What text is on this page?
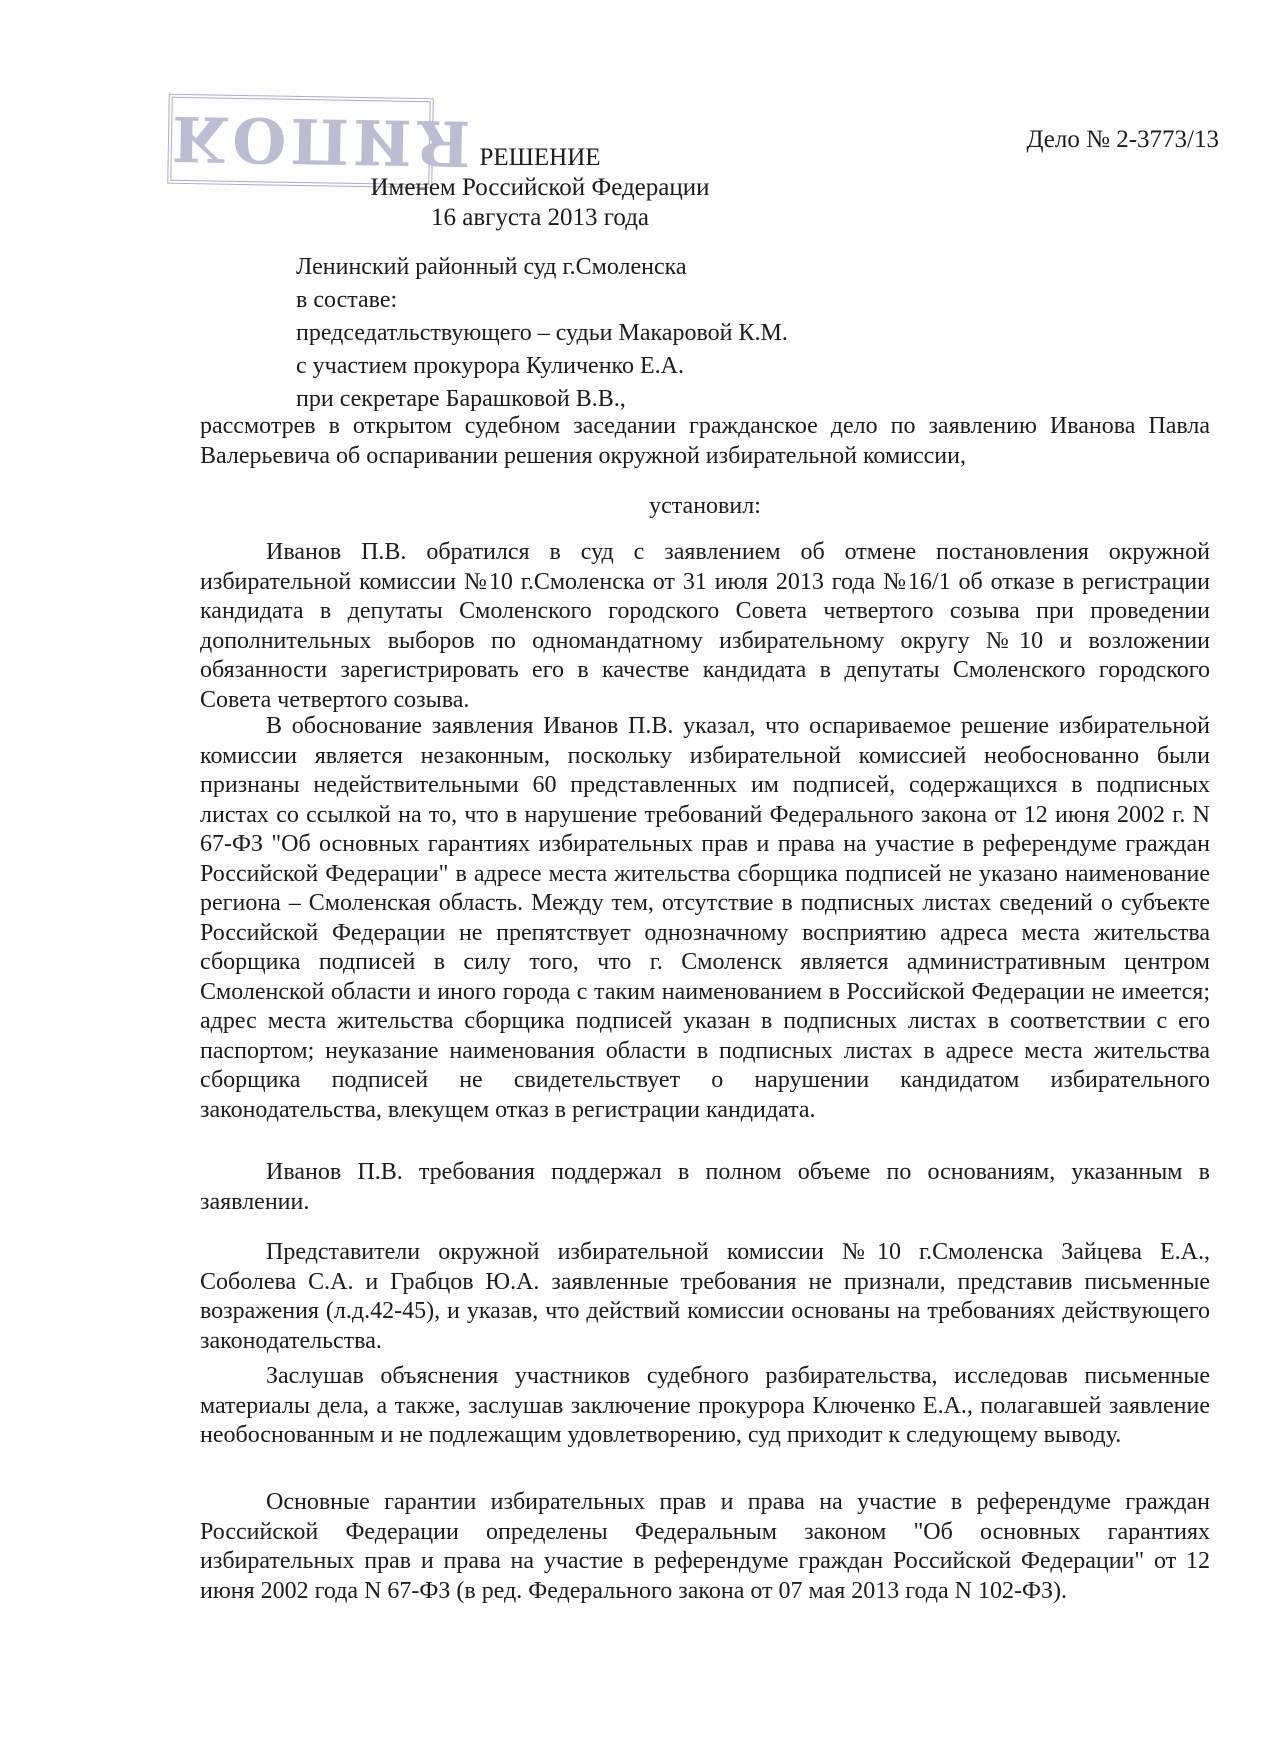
КОПИЯ	Дело № 2-3773/13
РЕШЕНИЕ
Именем Российской Федерации
16 августа 2013 года
Ленинский районный суд г.Смоленска
в составе:
председатльствующего – судьи Макаровой К.М.
с участием прокурора Куличенко Е.А.
при секретаре Барашковой В.В.,

рассмотрев в открытом судебном заседании гражданское дело по заявлению Иванова Павла Валерьевича об оспаривании решения окружной избирательной комиссии,

установил:

Иванов П.В. обратился в суд с заявлением об отмене постановления окружной избирательной комиссии №10 г.Смоленска от 31 июля 2013 года №16/1 об отказе в регистрации кандидата в депутаты Смоленского городского Совета четвертого созыва при проведении дополнительных выборов по одномандатному избирательному округу №10 и возложении обязанности зарегистрировать его в качестве кандидата в депутаты Смоленского городского Совета четвертого созыва.

В обоснование заявления Иванов П.В. указал, что оспариваемое решение избирательной комиссии является незаконным, поскольку избирательной комиссией необоснованно были признаны недействительными 60 представленных им подписей, содержащихся в подписных листах со ссылкой на то, что в нарушение требований Федерального закона от 12 июня 2002 г. N 67-ФЗ "Об основных гарантиях избирательных прав и права на участие в референдуме граждан Российской Федерации" в адресе места жительства сборщика подписей не указано наименование региона – Смоленская область. Между тем, отсутствие в подписных листах сведений о субъекте Российской Федерации не препятствует однозначному восприятию адреса места жительства сборщика подписей в силу того, что г. Смоленск является административным центром Смоленской области и иного города с таким наименованием в Российской Федерации не имеется; адрес места жительства сборщика подписей указан в подписных листах в соответствии с его паспортом; неуказание наименования области в подписных листах в адресе места жительства сборщика подписей не свидетельствует о нарушении кандидатом избирательного законодательства, влекущем отказ в регистрации кандидата.

Иванов П.В. требования поддержал в полном объеме по основаниям, указанным в заявлении.

Представители окружной избирательной комиссии №10 г.Смоленска Зайцева Е.А., Соболева С.А. и Грабцов Ю.А. заявленные требования не признали, представив письменные возражения (л.д.42-45), и указав, что действий комиссии основаны на требованиях действующего законодательства.

Заслушав объяснения участников судебного разбирательства, исследовав письменные материалы дела, а также, заслушав заключение прокурора Ключенко Е.А., полагавшей заявление необоснованным и не подлежащим удовлетворению, суд приходит к следующему выводу.

Основные гарантии избирательных прав и права на участие в референдуме граждан Российской Федерации определены Федеральным законом "Об основных гарантиях избирательных прав и права на участие в референдуме граждан Российской Федерации" от 12 июня 2002 года N 67-ФЗ (в ред. Федерального закона от 07 мая 2013 года N 102-ФЗ).
